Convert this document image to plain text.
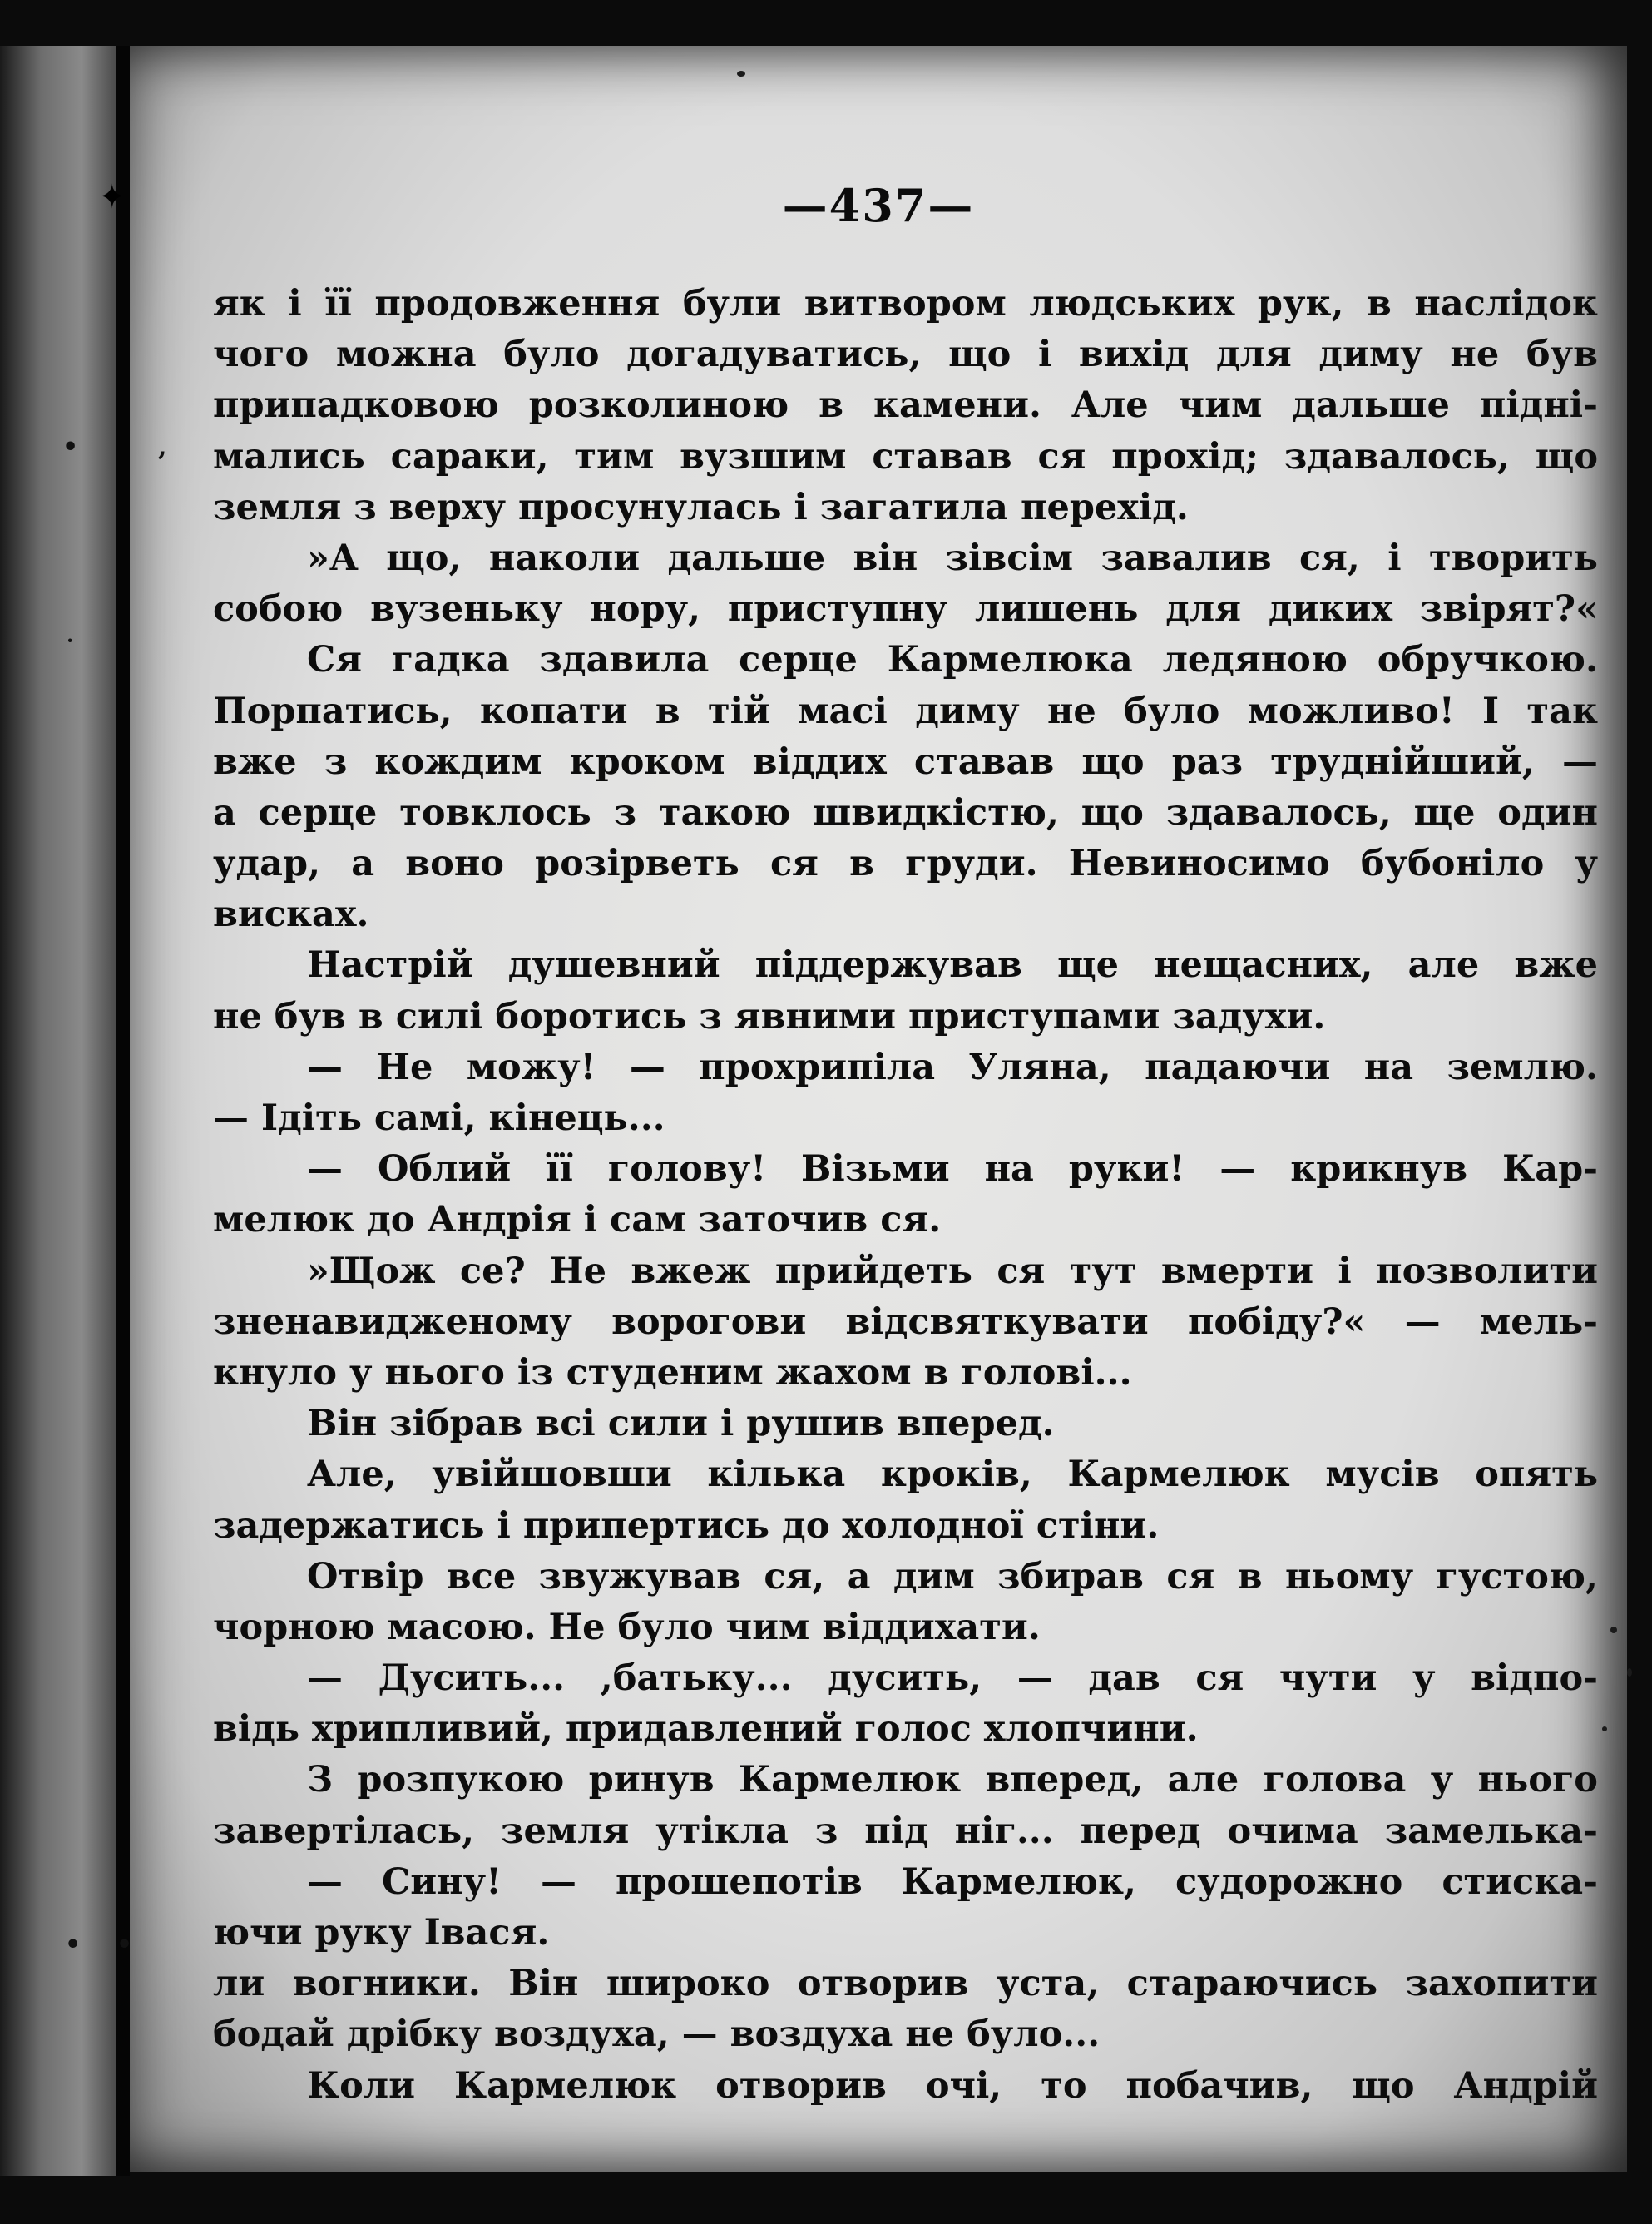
✦	—437—
як і її продовження були витвором людських рук, в наслідок
чого можна було догадуватись, що і вихід для диму не був
припадковою розколиною в камени. Але чим дальше підні-
мались сараки, тим вузшим ставав ся прохід; здавалось, що
земля з верху просунулась і загатила перехід.
»А що, наколи дальше він зівсім завалив ся, і творить
собою вузеньку нору, приступну лишень для диких звірят?«
Ся гадка здавила серце Кармелюка ледяною обручкою.
Порпатись, копати в тій масі диму не було можливо! І так
вже з кождим кроком віддих ставав що раз труднійший, —
а серце товклось з такою швидкістю, що здавалось, ще один
удар, а воно розірветь ся в груди. Невиносимо бубоніло у
висках.
Настрій душевний піддержував ще нещасних, але вже
не був в силі боротись з явними приступами задухи.
— Не можу! — прохрипіла Уляна, падаючи на землю.
— Ідіть самі, кінець...
— Облий її голову! Візьми на руки! — крикнув Кар-
мелюк до Андрія і сам заточив ся.
»Щож се? Не вжеж прийдеть ся тут вмерти і позволити
зненавидженому ворогови відсвяткувати побіду?« — мель-
кнуло у нього із студеним жахом в голові...
Він зібрав всі сили і рушив вперед.
Але, увійшовши кілька кроків, Кармелюк мусів опять
задержатись і припертись до холодної стіни.
Отвір все звужував ся, а дим збирав ся в ньому густою,
чорною масою. Не було чим віддихати.
— Дусить... ,батьку... дусить, — дав ся чути у відпо-
відь хрипливий, придавлений голос хлопчини.
З розпукою ринув Кармелюк вперед, але голова у нього
завертілась, земля утікла з під ніг... перед очима замелька-
— Сину! — прошепотів Кармелюк, судорожно стиска-
ючи руку Івася.
ли вогники. Він широко отворив уста, стараючись захопити
бодай дрібку воздуха, — воздуха не було...
Коли Кармелюк отворив очі, то побачив, що Андрій
•	,
·
• •
